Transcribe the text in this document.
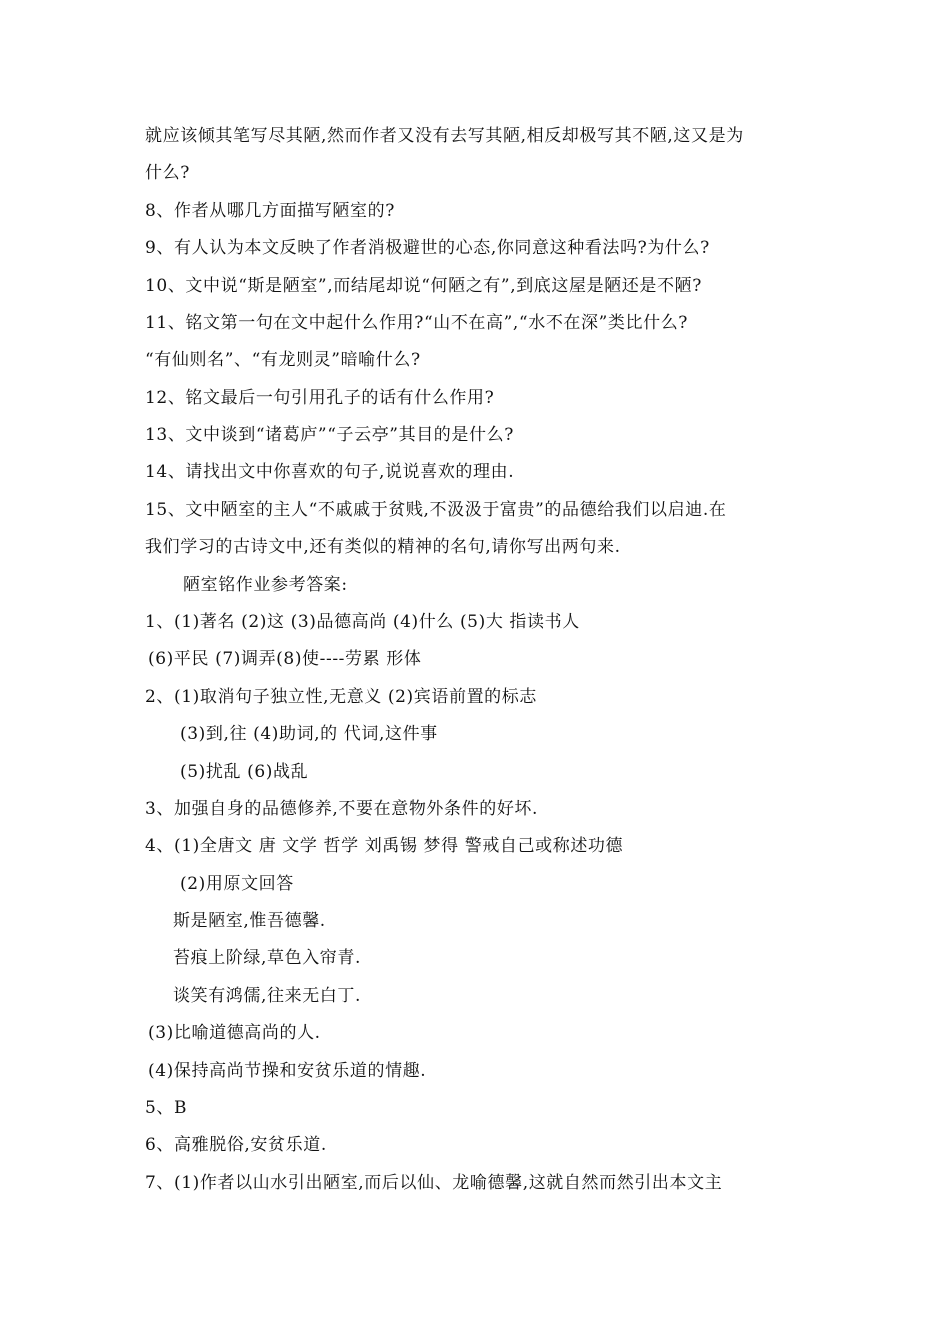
就应该倾其笔写尽其陋,然而作者又没有去写其陋,相反却极写其不陋,这又是为
什么?
8、作者从哪几方面描写陋室的?
9、有人认为本文反映了作者消极避世的心态,你同意这种看法吗?为什么?
10、文中说“斯是陋室”,而结尾却说“何陋之有”,到底这屋是陋还是不陋?
11、铭文第一句在文中起什么作用?“山不在高”,“水不在深”类比什么?
“有仙则名”、“有龙则灵”暗喻什么?
12、铭文最后一句引用孔子的话有什么作用?
13、文中谈到“诸葛庐”“子云亭”其目的是什么?
14、请找出文中你喜欢的句子,说说喜欢的理由.
15、文中陋室的主人“不戚戚于贫贱,不汲汲于富贵”的品德给我们以启迪.在
我们学习的古诗文中,还有类似的精神的名句,请你写出两句来.
陋室铭作业参考答案:
1、(1)著名 (2)这 (3)品德高尚 (4)什么 (5)大 指读书人
(6)平民 (7)调弄(8)使----劳累 形体
2、(1)取消句子独立性,无意义 (2)宾语前置的标志
(3)到,往 (4)助词,的 代词,这件事
(5)扰乱 (6)战乱
3、加强自身的品德修养,不要在意物外条件的好坏.
4、(1)全唐文 唐 文学 哲学 刘禹锡 梦得 警戒自己或称述功德
(2)用原文回答
斯是陋室,惟吾德馨.
苔痕上阶绿,草色入帘青.
谈笑有鸿儒,往来无白丁.
(3)比喻道德高尚的人.
(4)保持高尚节操和安贫乐道的情趣.
5、B
6、高雅脱俗,安贫乐道.
7、(1)作者以山水引出陋室,而后以仙、龙喻德馨,这就自然而然引出本文主
